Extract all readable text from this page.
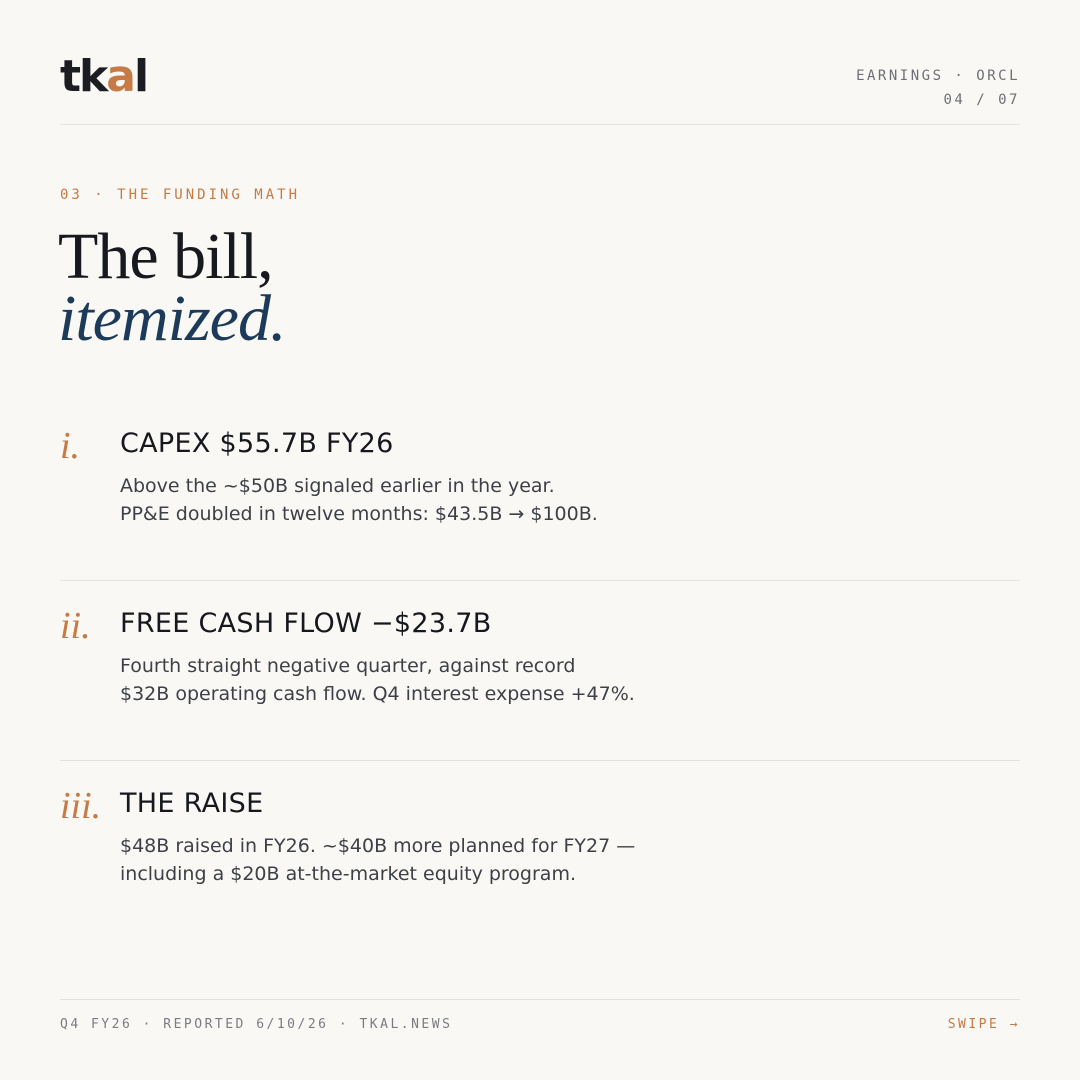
tkal	EARNINGS · ORCL
04 / 07
03 · THE FUNDING MATH
The bill,
itemized.
i. CAPEX $55.7B FY26
Above the ~$50B signaled earlier in the year.
PP&E doubled in twelve months: $43.5B → $100B.
ii. FREE CASH FLOW −$23.7B
Fourth straight negative quarter, against record
$32B operating cash flow. Q4 interest expense +47%.
iii. THE RAISE
$48B raised in FY26. ~$40B more planned for FY27 —
including a $20B at-the-market equity program.
Q4 FY26 · REPORTED 6/10/26 · TKAL.NEWS	SWIPE →
